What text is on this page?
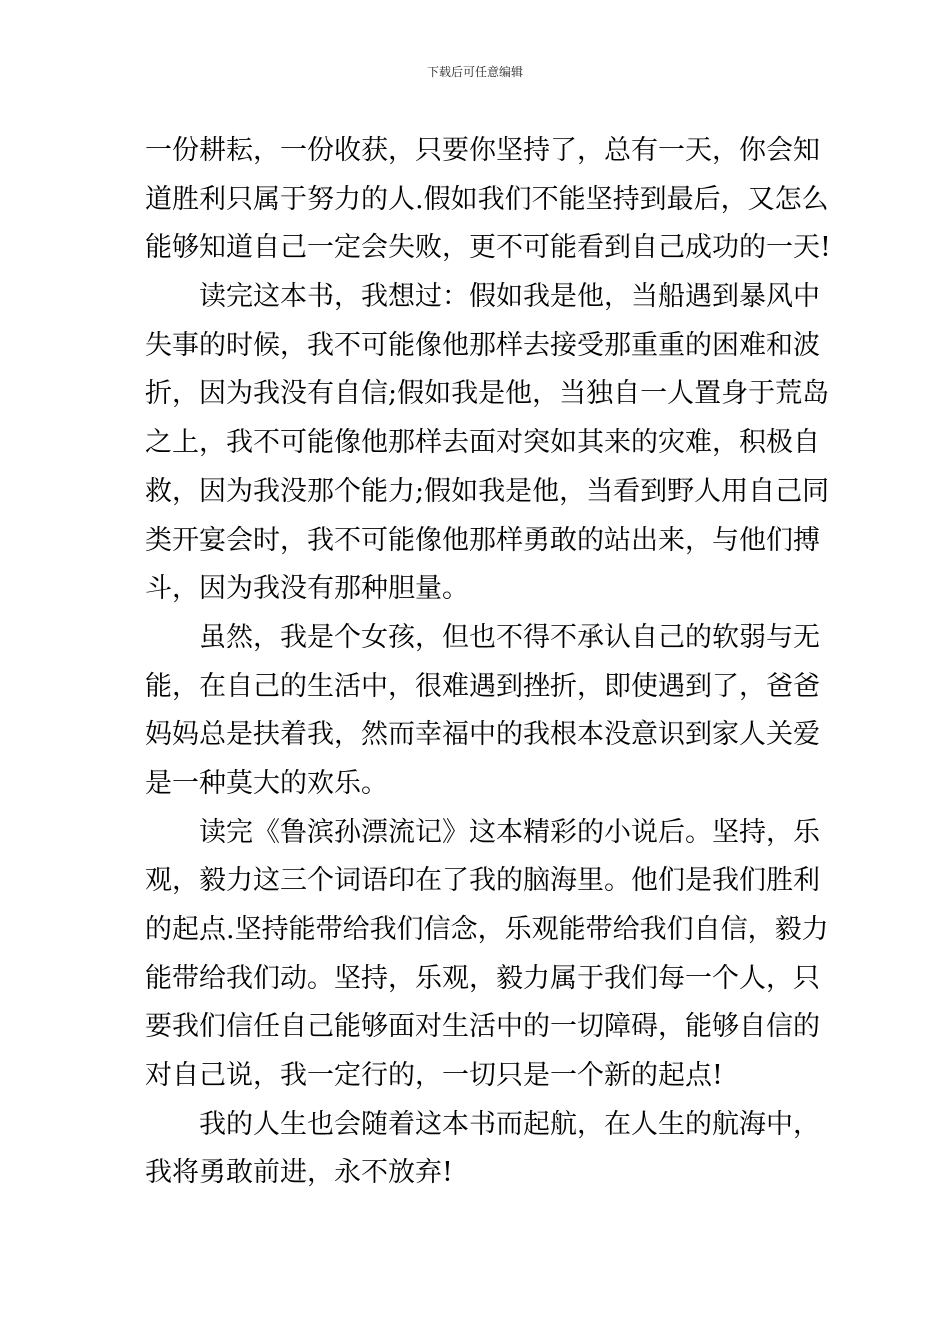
下载后可任意编辑
一份耕耘，一份收获，只要你坚持了，总有一天，你会知
道胜利只属于努力的人.假如我们不能坚持到最后，又怎么
能够知道自己一定会失败，更不可能看到自己成功的一天!
读完这本书，我想过：假如我是他，当船遇到暴风中
失事的时候，我不可能像他那样去接受那重重的困难和波
折，因为我没有自信;假如我是他，当独自一人置身于荒岛
之上，我不可能像他那样去面对突如其来的灾难，积极自
救，因为我没那个能力;假如我是他，当看到野人用自己同
类开宴会时，我不可能像他那样勇敢的站出来，与他们搏
斗，因为我没有那种胆量。
虽然，我是个女孩，但也不得不承认自己的软弱与无
能，在自己的生活中，很难遇到挫折，即使遇到了，爸爸
妈妈总是扶着我，然而幸福中的我根本没意识到家人关爱
是一种莫大的欢乐。
读完《鲁滨孙漂流记》这本精彩的小说后。坚持，乐
观，毅力这三个词语印在了我的脑海里。他们是我们胜利
的起点.坚持能带给我们信念，乐观能带给我们自信，毅力
能带给我们动。坚持，乐观，毅力属于我们每一个人，只
要我们信任自己能够面对生活中的一切障碍，能够自信的
对自己说，我一定行的，一切只是一个新的起点!
我的人生也会随着这本书而起航，在人生的航海中，
我将勇敢前进，永不放弃!
